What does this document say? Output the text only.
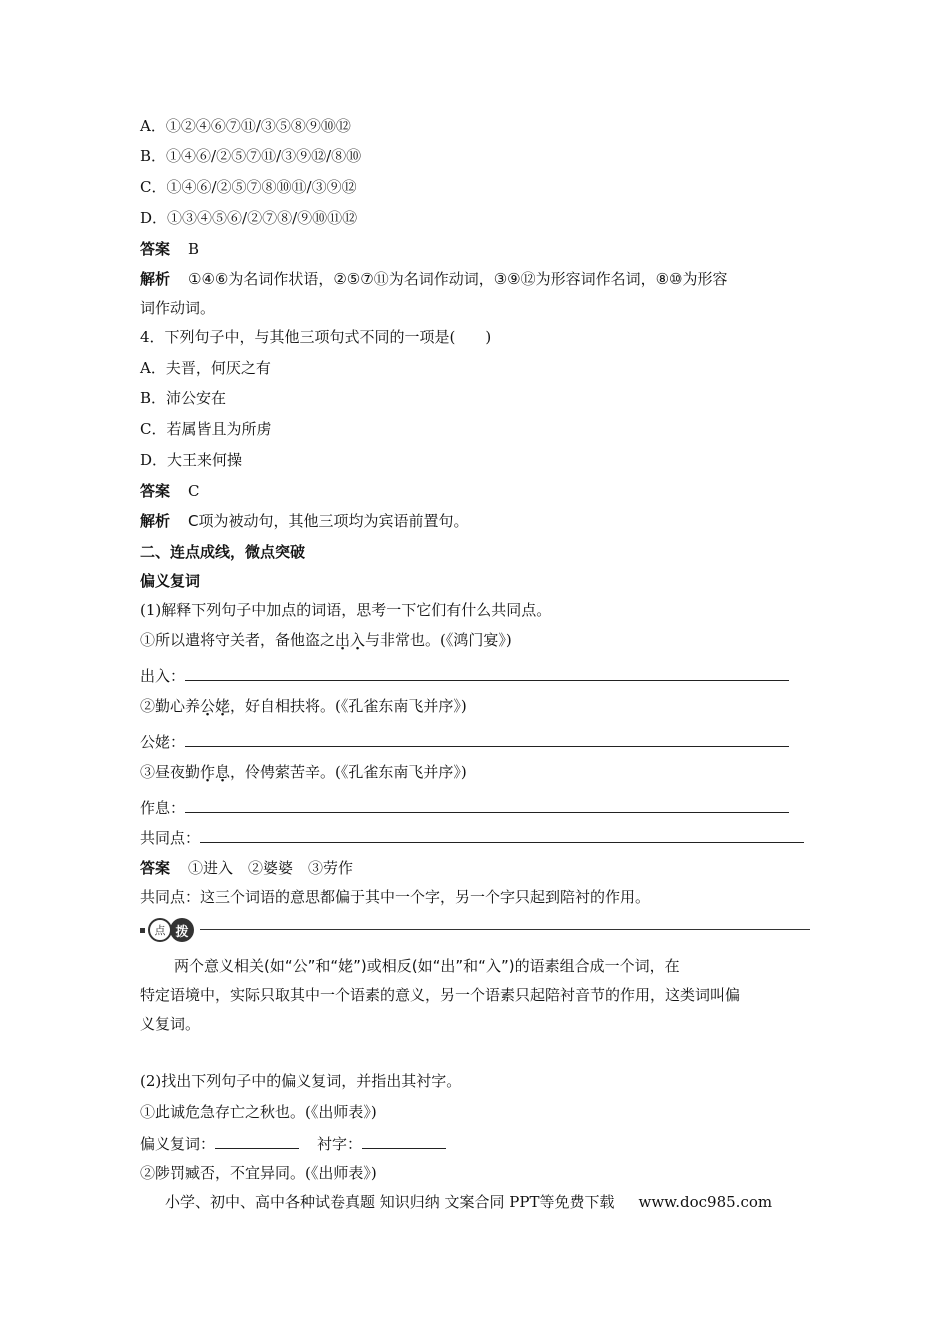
A．①②④⑥⑦⑪/③⑤⑧⑨⑩⑫
B．①④⑥/②⑤⑦⑪/③⑨⑫/⑧⑩
C．①④⑥/②⑤⑦⑧⑩⑪/③⑨⑫
D．①③④⑤⑥/②⑦⑧/⑨⑩⑪⑫
答案 B
解析 ①④⑥为名词作状语，②⑤⑦⑪为名词作动词，③⑨⑫为形容词作名词，⑧⑩为形容
词作动词。
4．下列句子中，与其他三项句式不同的一项是(　　)
A．夫晋，何厌之有
B．沛公安在
C．若属皆且为所虏
D．大王来何操
答案 C
解析 C项为被动句，其他三项均为宾语前置句。
二、连点成线，微点突破
偏义复词
(1)解释下列句子中加点的词语，思考一下它们有什么共同点。
①所以遣将守关者，备他盗之出入与非常也。(《鸿门宴》)
出入：
②勤心养公姥，好自相扶将。(《孔雀东南飞并序》)
公姥：
③昼夜勤作息，伶俜萦苦辛。(《孔雀东南飞并序》)
作息：
共同点：
答案 ①进入　②婆婆　③劳作
共同点：这三个词语的意思都偏于其中一个字，另一个字只起到陪衬的作用。
点 拨
两个意义相关(如“公”和“姥”)或相反(如“出”和“入”)的语素组合成一个词，在
特定语境中，实际只取其中一个语素的意义，另一个语素只起陪衬音节的作用，这类词叫偏
义复词。
(2)找出下列句子中的偏义复词，并指出其衬字。
①此诚危急存亡之秋也。(《出师表》)
偏义复词：	衬字：
②陟罚臧否，不宜异同。(《出师表》)
小学、初中、高中各种试卷真题 知识归纳 文案合同 PPT等免费下载 www.doc985.com
